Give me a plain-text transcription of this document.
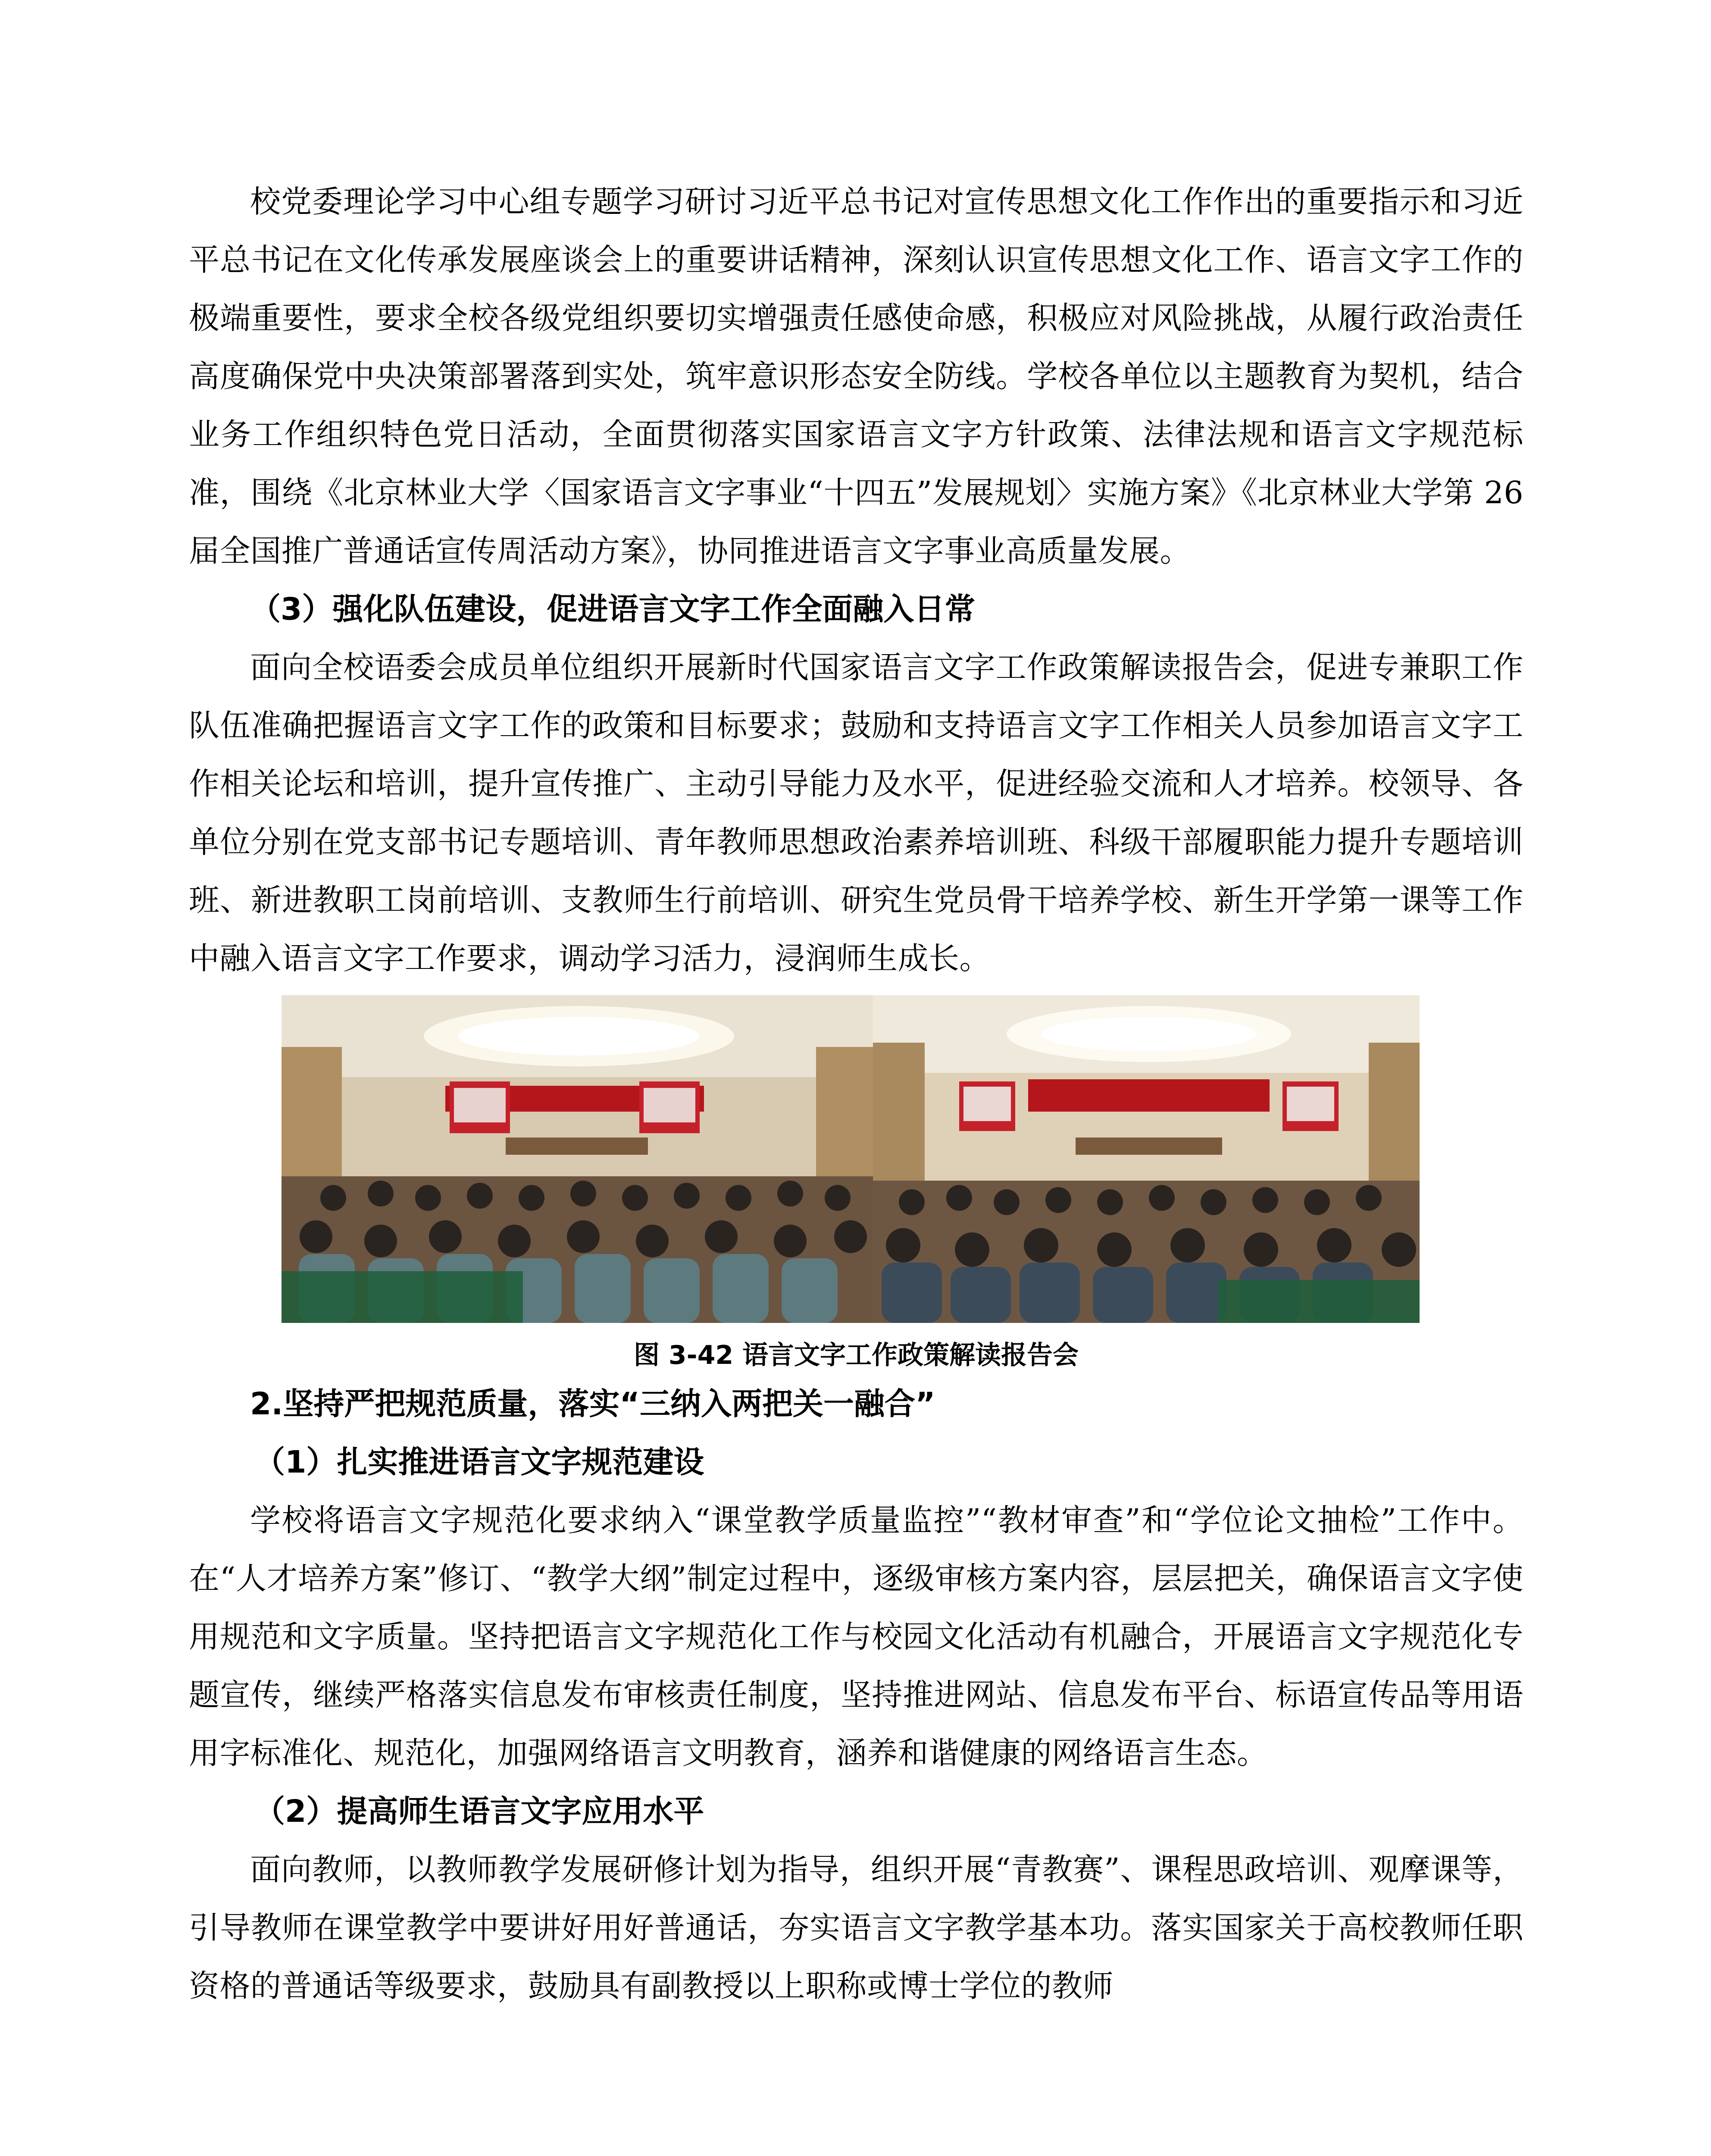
校党委理论学习中心组专题学习研讨习近平总书记对宣传思想文化工作作出的重要指示和习近平总书记在文化传承发展座谈会上的重要讲话精神，深刻认识宣传思想文化工作、语言文字工作的极端重要性，要求全校各级党组织要切实增强责任感使命感，积极应对风险挑战，从履行政治责任高度确保党中央决策部署落到实处，筑牢意识形态安全防线。学校各单位以主题教育为契机，结合业务工作组织特色党日活动，全面贯彻落实国家语言文字方针政策、法律法规和语言文字规范标准，围绕《北京林业大学〈国家语言文字事业“十四五”发展规划〉实施方案》《北京林业大学第 26 届全国推广普通话宣传周活动方案》，协同推进语言文字事业高质量发展。

（3）强化队伍建设，促进语言文字工作全面融入日常

面向全校语委会成员单位组织开展新时代国家语言文字工作政策解读报告会，促进专兼职工作队伍准确把握语言文字工作的政策和目标要求；鼓励和支持语言文字工作相关人员参加语言文字工作相关论坛和培训，提升宣传推广、主动引导能力及水平，促进经验交流和人才培养。校领导、各单位分别在党支部书记专题培训、青年教师思想政治素养培训班、科级干部履职能力提升专题培训班、新进教职工岗前培训、支教师生行前培训、研究生党员骨干培养学校、新生开学第一课等工作中融入语言文字工作要求，调动学习活力，浸润师生成长。

图 3-42 语言文字工作政策解读报告会

2.坚持严把规范质量，落实“三纳入两把关一融合”

（1）扎实推进语言文字规范建设

学校将语言文字规范化要求纳入“课堂教学质量监控”“教材审查”和“学位论文抽检”工作中。在“人才培养方案”修订、“教学大纲”制定过程中，逐级审核方案内容，层层把关，确保语言文字使用规范和文字质量。坚持把语言文字规范化工作与校园文化活动有机融合，开展语言文字规范化专题宣传，继续严格落实信息发布审核责任制度，坚持推进网站、信息发布平台、标语宣传品等用语用字标准化、规范化，加强网络语言文明教育，涵养和谐健康的网络语言生态。

（2）提高师生语言文字应用水平

面向教师，以教师教学发展研修计划为指导，组织开展“青教赛”、课程思政培训、观摩课等，引导教师在课堂教学中要讲好用好普通话，夯实语言文字教学基本功。落实国家关于高校教师任职资格的普通话等级要求，鼓励具有副教授以上职称或博士学位的教师
